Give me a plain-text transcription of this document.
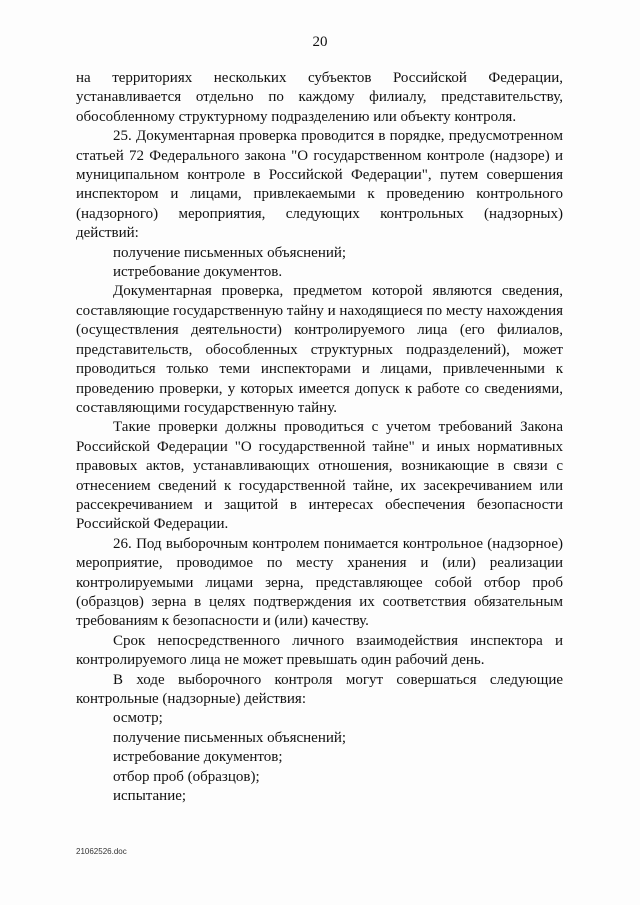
20

на территориях нескольких субъектов Российской Федерации, устанавливается отдельно по каждому филиалу, представительству, обособленному структурному подразделению или объекту контроля.

25. Документарная проверка проводится в порядке, предусмотренном статьей 72 Федерального закона "О государственном контроле (надзоре) и муниципальном контроле в Российской Федерации", путем совершения инспектором и лицами, привлекаемыми к проведению контрольного (надзорного) мероприятия, следующих контрольных (надзорных) действий:

получение письменных объяснений;

истребование документов.

Документарная проверка, предметом которой являются сведения, составляющие государственную тайну и находящиеся по месту нахождения (осуществления деятельности) контролируемого лица (его филиалов, представительств, обособленных структурных подразделений), может проводиться только теми инспекторами и лицами, привлеченными к проведению проверки, у которых имеется допуск к работе со сведениями, составляющими государственную тайну.

Такие проверки должны проводиться с учетом требований Закона Российской Федерации "О государственной тайне" и иных нормативных правовых актов, устанавливающих отношения, возникающие в связи с отнесением сведений к государственной тайне, их засекречиванием или рассекречиванием и защитой в интересах обеспечения безопасности Российской Федерации.

26. Под выборочным контролем понимается контрольное (надзорное) мероприятие, проводимое по месту хранения и (или) реализации контролируемыми лицами зерна, представляющее собой отбор проб (образцов) зерна в целях подтверждения их соответствия обязательным требованиям к безопасности и (или) качеству.

Срок непосредственного личного взаимодействия инспектора и контролируемого лица не может превышать один рабочий день.

В ходе выборочного контроля могут совершаться следующие контрольные (надзорные) действия:

осмотр;

получение письменных объяснений;

истребование документов;

отбор проб (образцов);

испытание;

21062526.doc
